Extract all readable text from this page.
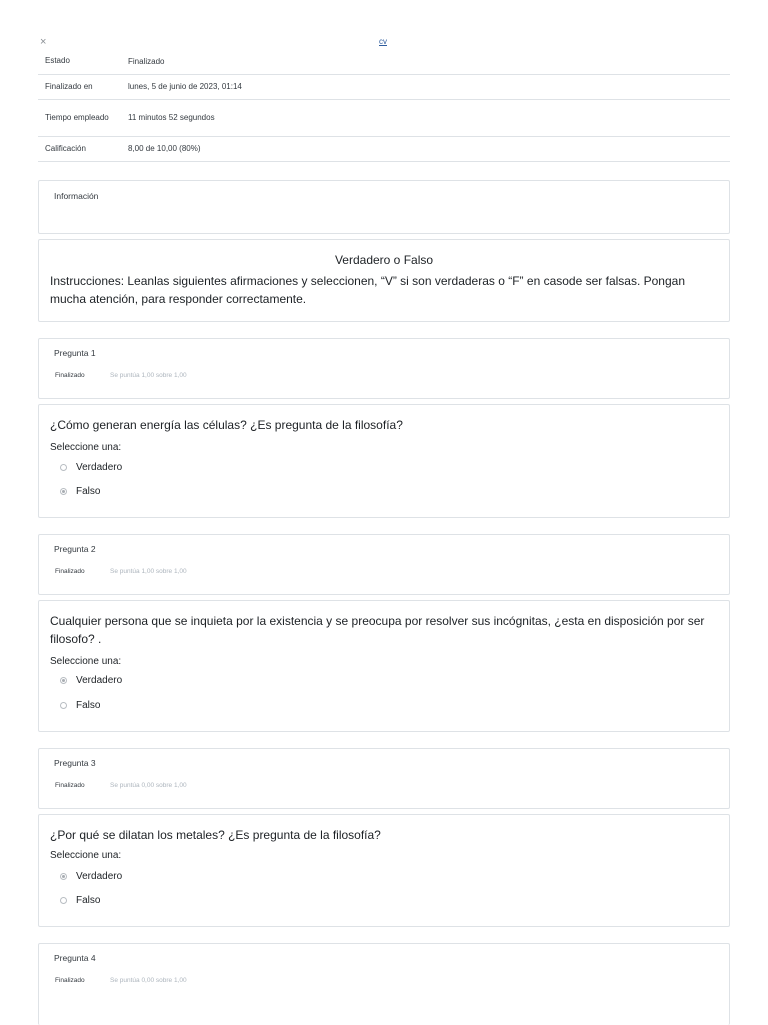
×	cv
Estado	Finalizado
Finalizado en	lunes, 5 de junio de 2023, 01:14
Tiempo empleado	11 minutos 52 segundos
Calificación	8,00 de 10,00 (80%)
Información
Verdadero o Falso
Instrucciones: Leanlas siguientes afirmaciones y seleccionen, “V” si son verdaderas o “F” en casode ser falsas. Pongan mucha atención, para responder correctamente.
Pregunta 1
Finalizado	Se puntúa 1,00 sobre 1,00
¿Cómo generan energía las células? ¿Es pregunta de la filosofía?
Seleccione una:
Verdadero
Falso
Pregunta 2
Finalizado	Se puntúa 1,00 sobre 1,00
Cualquier persona que se inquieta por la existencia y se preocupa por resolver sus incógnitas, ¿esta en disposición por ser filosofo? .
Seleccione una:
Verdadero
Falso
Pregunta 3
Finalizado	Se puntúa 0,00 sobre 1,00
¿Por qué se dilatan los metales? ¿Es pregunta de la filosofía?
Seleccione una:
Verdadero
Falso
Pregunta 4
Finalizado	Se puntúa 0,00 sobre 1,00
